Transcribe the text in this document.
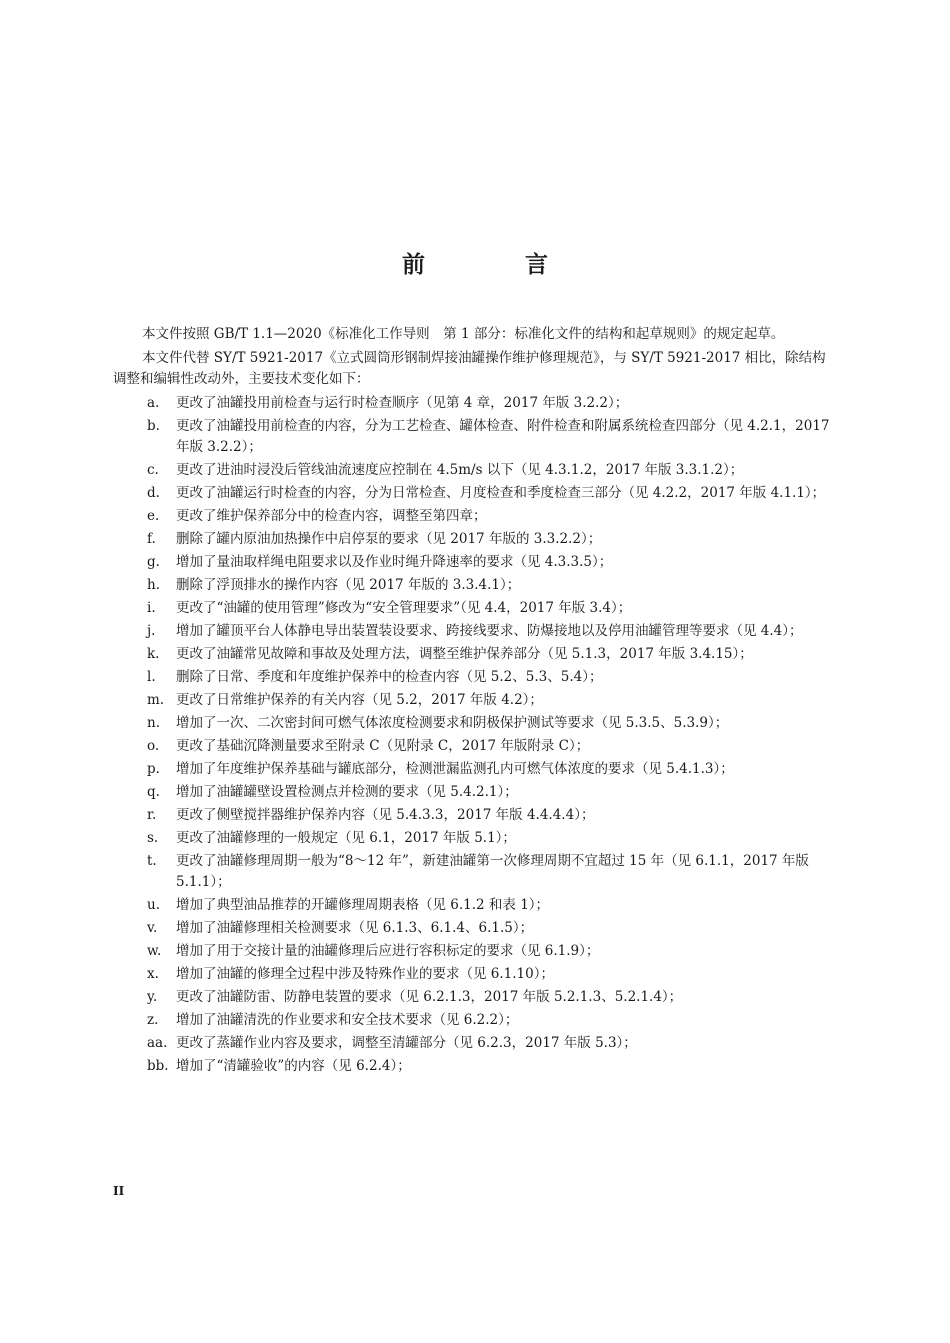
前 言

本文件按照 GB/T 1.1—2020《标准化工作导则　第 1 部分：标准化文件的结构和起草规则》的规定起草。

本文件代替 SY/T 5921-2017《立式圆筒形钢制焊接油罐操作维护修理规范》，与 SY/T 5921-2017 相比，除结构调整和编辑性改动外，主要技术变化如下：

a. 更改了油罐投用前检查与运行时检查顺序（见第 4 章，2017 年版 3.2.2）；
b. 更改了油罐投用前检查的内容，分为工艺检查、罐体检查、附件检查和附属系统检查四部分（见 4.2.1，2017 年版 3.2.2）；
c. 更改了进油时浸没后管线油流速度应控制在 4.5m/s 以下（见 4.3.1.2，2017 年版 3.3.1.2）；
d. 更改了油罐运行时检查的内容，分为日常检查、月度检查和季度检查三部分（见 4.2.2，2017 年版 4.1.1）；
e. 更改了维护保养部分中的检查内容，调整至第四章；
f. 删除了罐内原油加热操作中启停泵的要求（见 2017 年版的 3.3.2.2）；
g. 增加了量油取样绳电阻要求以及作业时绳升降速率的要求（见 4.3.3.5）；
h. 删除了浮顶排水的操作内容（见 2017 年版的 3.3.4.1）；
i. 更改了“油罐的使用管理”修改为“安全管理要求”（见 4.4，2017 年版 3.4）；
j. 增加了罐顶平台人体静电导出装置装设要求、跨接线要求、防爆接地以及停用油罐管理等要求（见 4.4）；
k. 更改了油罐常见故障和事故及处理方法，调整至维护保养部分（见 5.1.3，2017 年版 3.4.15）；
l. 删除了日常、季度和年度维护保养中的检查内容（见 5.2、5.3、5.4）；
m. 更改了日常维护保养的有关内容（见 5.2，2017 年版 4.2）；
n. 增加了一次、二次密封间可燃气体浓度检测要求和阴极保护测试等要求（见 5.3.5、5.3.9）；
o. 更改了基础沉降测量要求至附录 C（见附录 C，2017 年版附录 C）；
p. 增加了年度维护保养基础与罐底部分，检测泄漏监测孔内可燃气体浓度的要求（见 5.4.1.3）；
q. 增加了油罐罐壁设置检测点并检测的要求（见 5.4.2.1）；
r. 更改了侧壁搅拌器维护保养内容（见 5.4.3.3，2017 年版 4.4.4.4）；
s. 更改了油罐修理的一般规定（见 6.1，2017 年版 5.1）；
t. 更改了油罐修理周期一般为“8～12 年”，新建油罐第一次修理周期不宜超过 15 年（见 6.1.1，2017 年版 5.1.1）；
u. 增加了典型油品推荐的开罐修理周期表格（见 6.1.2 和表 1）；
v. 增加了油罐修理相关检测要求（见 6.1.3、6.1.4、6.1.5）；
w. 增加了用于交接计量的油罐修理后应进行容积标定的要求（见 6.1.9）；
x. 增加了油罐的修理全过程中涉及特殊作业的要求（见 6.1.10）；
y. 更改了油罐防雷、防静电装置的要求（见 6.2.1.3，2017 年版 5.2.1.3、5.2.1.4）；
z. 增加了油罐清洗的作业要求和安全技术要求（见 6.2.2）；
aa. 更改了蒸罐作业内容及要求，调整至清罐部分（见 6.2.3，2017 年版 5.3）；
bb. 增加了“清罐验收”的内容（见 6.2.4）；
II
